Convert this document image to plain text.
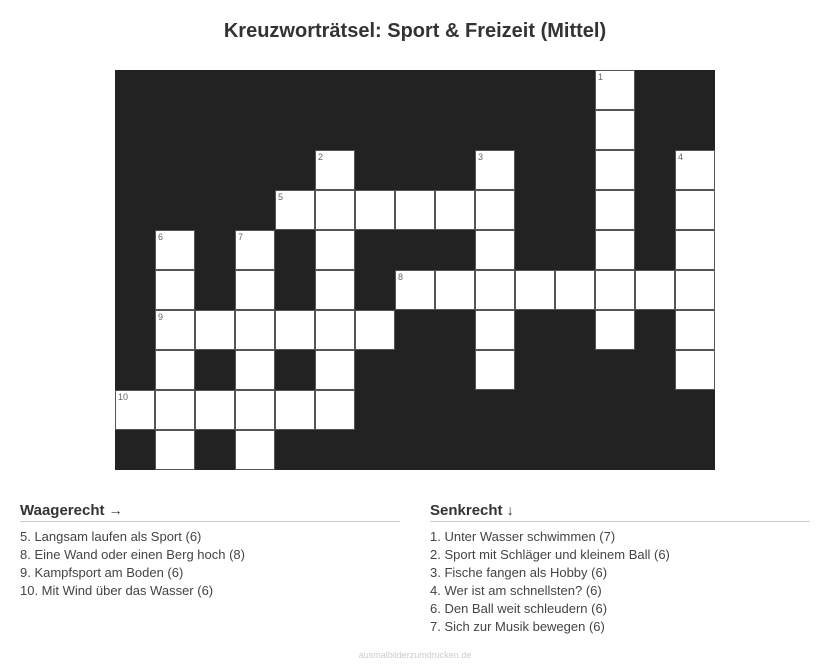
Kreuzworträtsel: Sport & Freizeit (Mittel)
1
2	3	4
5
6	7
8
9
10
Waagerecht →
5. Langsam laufen als Sport (6)
8. Eine Wand oder einen Berg hoch (8)
9. Kampfsport am Boden (6)
10. Mit Wind über das Wasser (6)
Senkrecht ↓
1. Unter Wasser schwimmen (7)
2. Sport mit Schläger und kleinem Ball (6)
3. Fische fangen als Hobby (6)
4. Wer ist am schnellsten? (6)
6. Den Ball weit schleudern (6)
7. Sich zur Musik bewegen (6)
ausmalbilderzumdrucken.de
